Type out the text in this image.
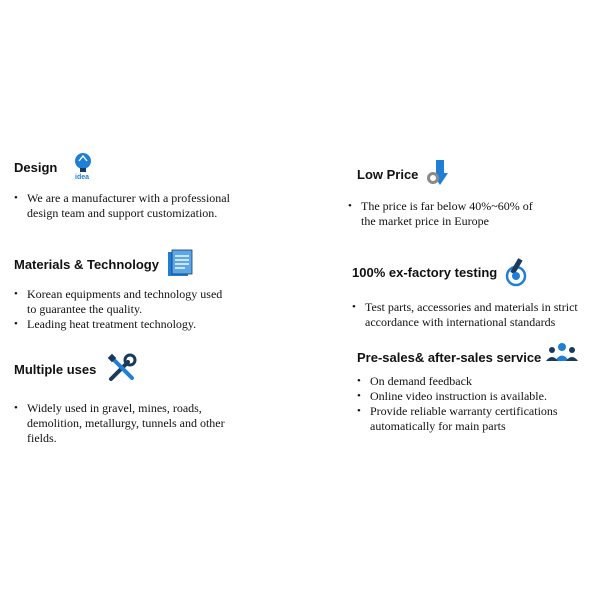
Design
idea
• We are a manufacturer with a professional design team and support customization.
Materials & Technology
• Korean equipments and technology used to guarantee the quality.
• Leading heat treatment technology.
Multiple uses
• Widely used in gravel, mines, roads, demolition, metallurgy, tunnels and other fields.
Low Price
• The price is far below 40%~60% of the market price in Europe
100% ex-factory testing
• Test parts, accessories and materials in strict accordance with international standards
Pre-sales& after-sales service
• On demand feedback
• Online video instruction is available.
• Provide reliable warranty certifications automatically for main parts
